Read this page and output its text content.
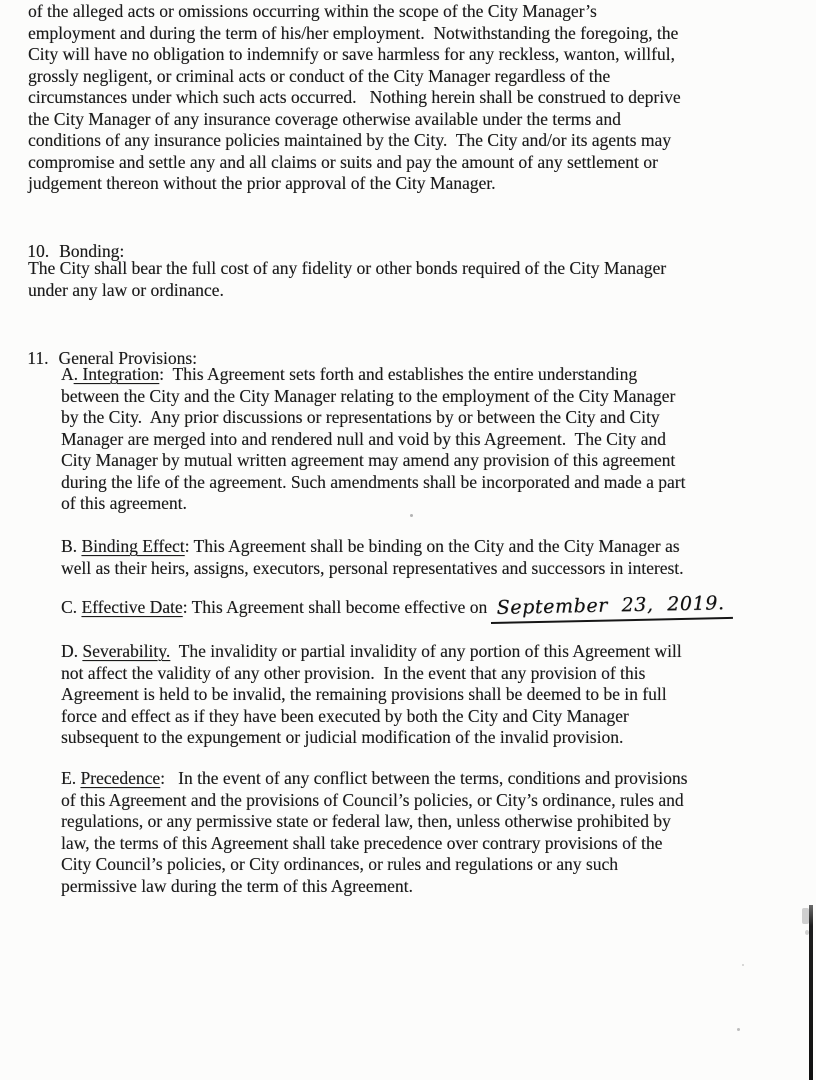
of the alleged acts or omissions occurring within the scope of the City Manager’s
employment and during the term of his/her employment.  Notwithstanding the foregoing, the
City will have no obligation to indemnify or save harmless for any reckless, wanton, willful,
grossly negligent, or criminal acts or conduct of the City Manager regardless of the
circumstances under which such acts occurred.   Nothing herein shall be construed to deprive
the City Manager of any insurance coverage otherwise available under the terms and
conditions of any insurance policies maintained by the City.  The City and/or its agents may
compromise and settle any and all claims or suits and pay the amount of any settlement or
judgement thereon without the prior approval of the City Manager.

10. Bonding:

The City shall bear the full cost of any fidelity or other bonds required of the City Manager
under any law or ordinance.

11. General Provisions:

A. Integration:  This Agreement sets forth and establishes the entire understanding
between the City and the City Manager relating to the employment of the City Manager
by the City.  Any prior discussions or representations by or between the City and City
Manager are merged into and rendered null and void by this Agreement.  The City and
City Manager by mutual written agreement may amend any provision of this agreement
during the life of the agreement. Such amendments shall be incorporated and made a part
of this agreement.
B. Binding Effect: This Agreement shall be binding on the City and the City Manager as
well as their heirs, assigns, executors, personal representatives and successors in interest.
C. Effective Date: This Agreement shall become effective on September 23, 2019.
D. Severability.  The invalidity or partial invalidity of any portion of this Agreement will
not affect the validity of any other provision.  In the event that any provision of this
Agreement is held to be invalid, the remaining provisions shall be deemed to be in full
force and effect as if they have been executed by both the City and City Manager
subsequent to the expungement or judicial modification of the invalid provision.
E. Precedence:   In the event of any conflict between the terms, conditions and provisions
of this Agreement and the provisions of Council’s policies, or City’s ordinance, rules and
regulations, or any permissive state or federal law, then, unless otherwise prohibited by
law, the terms of this Agreement shall take precedence over contrary provisions of the
City Council’s policies, or City ordinances, or rules and regulations or any such
permissive law during the term of this Agreement.
